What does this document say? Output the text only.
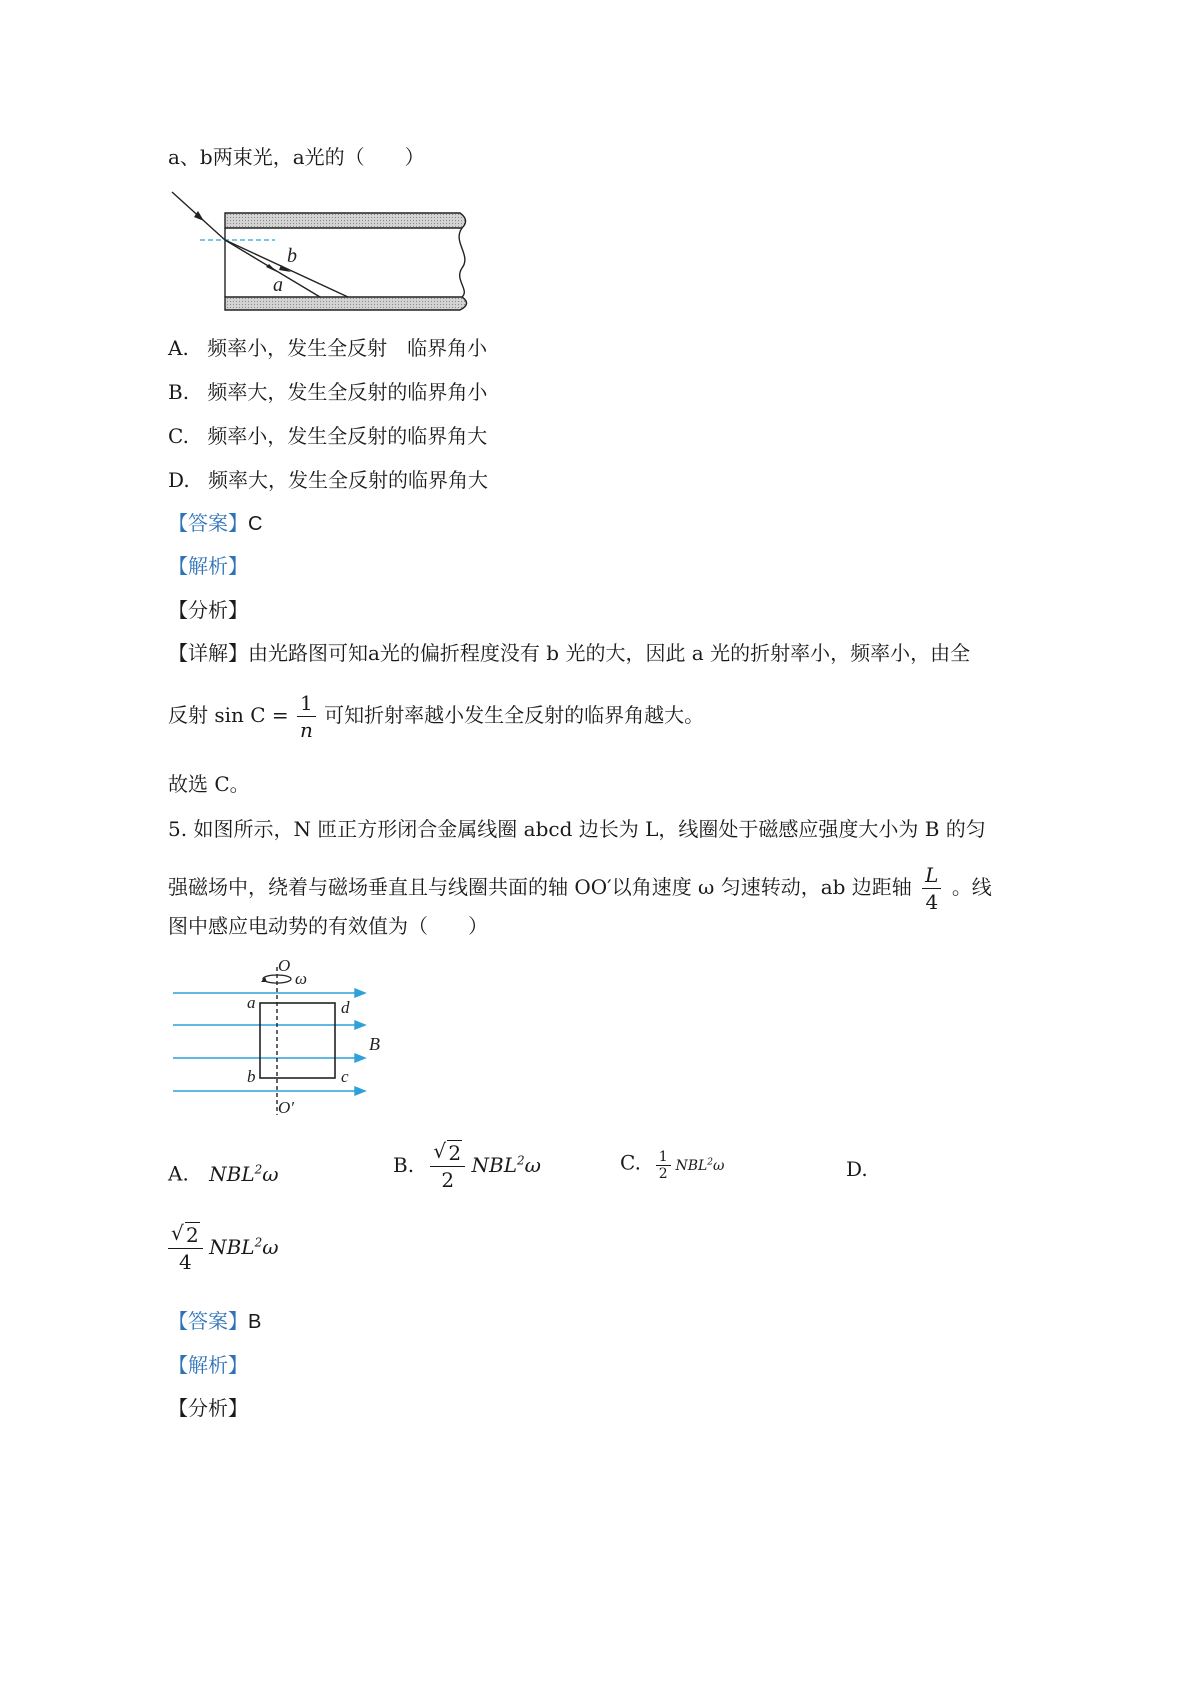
a、b两束光，a光的（　　）
b
a
A. 频率小，发生全反射　临界角小
B. 频率大，发生全反射的临界角小
C. 频率小，发生全反射的临界角大
D. 频率大，发生全反射的临界角大
【答案】C
【解析】
【分析】
【详解】由光路图可知a光的偏折程度没有 b 光的大，因此 a 光的折射率小，频率小，由全
反射 $\sin C = \frac{1}{n}$ 可知折射率越小发生全反射的临界角越大。
故选 C。
5. 如图所示，N 匝正方形闭合金属线圈 abcd 边长为 L，线圈处于磁感应强度大小为 B 的匀
强磁场中，绕着与磁场垂直且与线圈共面的轴 OO′以角速度 ω 匀速转动，ab 边距轴 $\frac{L}{4}$ 。线
图中感应电动势的有效值为（　　）
O
ω
a	d
b	c
B
O′
A. NBL$^2$ω	B.
√ $\frac{2}{2} NBL^2\omega$	C. $\frac{1}{2} NBL^2\omega$	D.
√ $\frac{2}{4} NBL^2\omega$
【答案】B
【解析】
【分析】
